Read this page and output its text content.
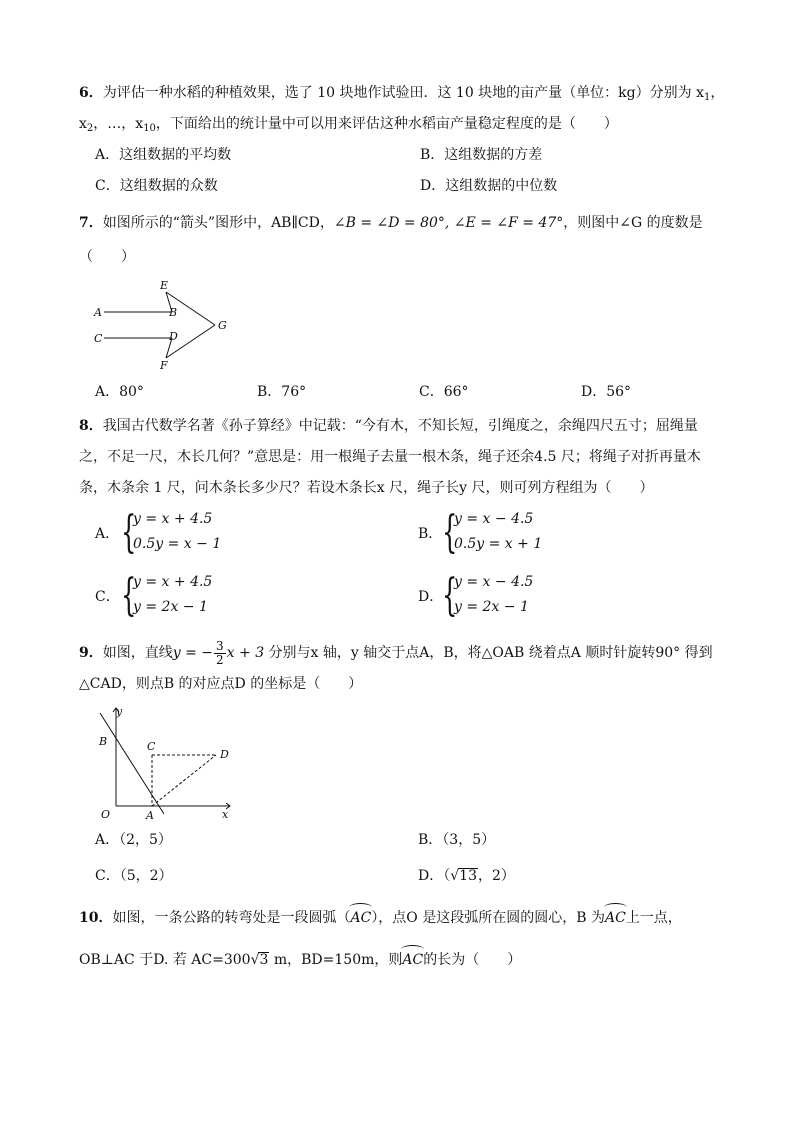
6．为评估一种水稻的种植效果，选了 10 块地作试验田．这 10 块地的亩产量（单位：kg）分别为 $x_1$，
$x_2$，…，$x_{10}$，下面给出的统计量中可以用来评估这种水稻亩产量稳定程度的是（　　）
A．这组数据的平均数	B．这组数据的方差
C．这组数据的众数	D．这组数据的中位数
7．如图所示的“箭头”图形中，AB∥CD，∠B = ∠D = 80°, ∠E = ∠F = 47°，则图中∠G 的度数是
（　　）
A
C
B
D
E
F
G
A．80°	B．76°	C．66°	D．56°
8．我国古代数学名著《孙子算经》中记载：“今有木，不知长短，引绳度之，余绳四尺五寸；屈绳量
之，不足一尺，木长几何？”意思是：用一根绳子去量一根木条，绳子还余4.5 尺；将绳子对折再量木
条，木条余 1 尺，问木条长多少尺？若设木条长x 尺，绳子长y 尺，则可列方程组为（　　）
A． {
y = x + 4.5
0.5y = x − 1
B． {
y = x − 4.5
0.5y = x + 1
C． {
y = x + 4.5
y = 2x − 1
D．
{
y = x − 4.5
y = 2x − 1
9．如图，直线y = − $\frac{3}{2}$ x + 3 分别与x 轴，y 轴交于点A，B，将△OAB 绕着点A 顺时针旋转90° 得到
△CAD，则点B 的对应点D 的坐标是（　　）
y
x
O	A
B	C
D
A．（2，5）	B．（3，5）
C．（5，2）	D．（√13，2）
10．如图，一条公路的转弯处是一段圆弧（AC），点O 是这段弧所在圆的圆心，B 为AC上一点，
OB⊥AC 于D. 若 AC=300√3 m，BD=150m，则AC的长为（　　）
